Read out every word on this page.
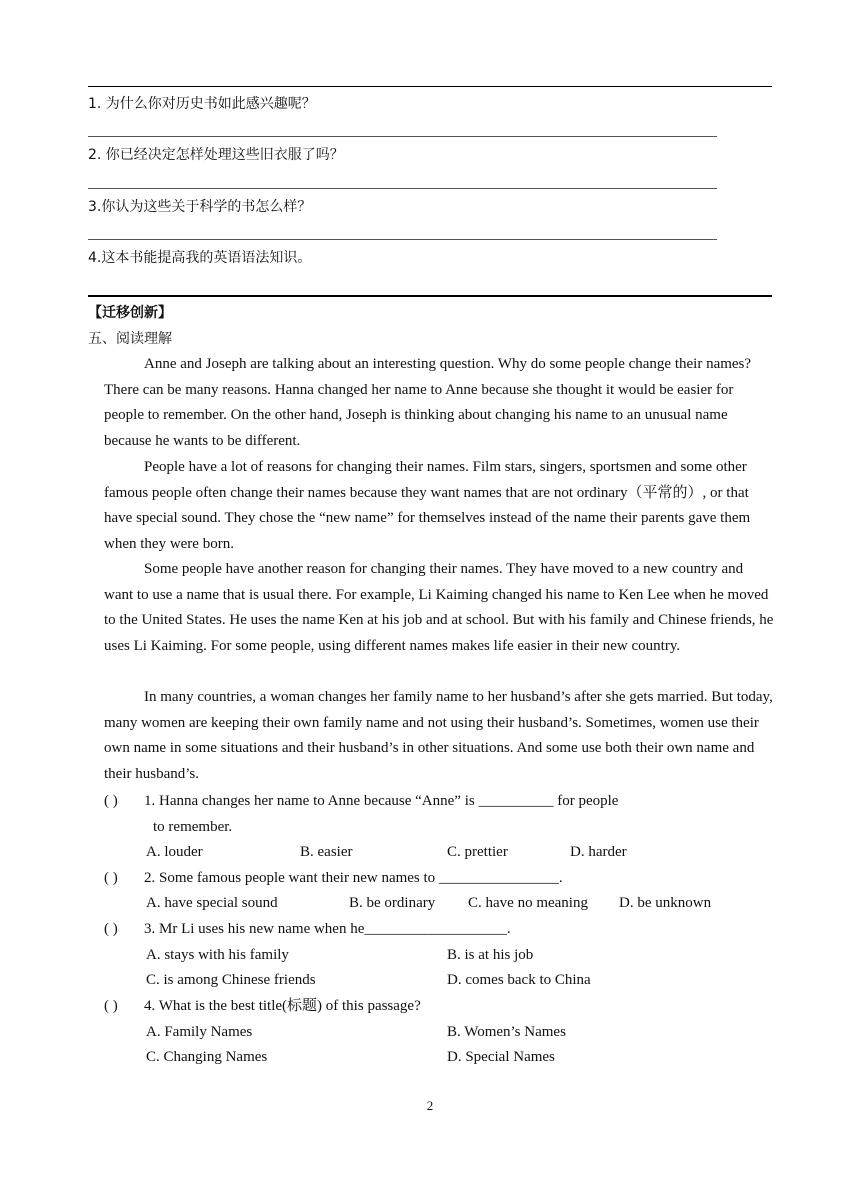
1. 为什么你对历史书如此感兴趣呢？
2. 你已经决定怎样处理这些旧衣服了吗？
3.你认为这些关于科学的书怎么样？
4.这本书能提高我的英语语法知识。
【迁移创新】
五、阅读理解
Anne and Joseph are talking about an interesting question. Why do some people change their names? There can be many reasons. Hanna changed her name to Anne because she thought it would be easier for people to remember. On the other hand, Joseph is thinking about changing his name to an unusual name because he wants to be different.
People have a lot of reasons for changing their names. Film stars, singers, sportsmen and some other famous people often change their names because they want names that are not ordinary（平常的）, or that have special sound. They chose the “new name” for themselves instead of the name their parents gave them when they were born.
Some people have another reason for changing their names. They have moved to a new country and want to use a name that is usual there. For example, Li Kaiming changed his name to Ken Lee when he moved to the United States. He uses the name Ken at his job and at school. But with his family and Chinese friends, he uses Li Kaiming. For some people, using different names makes life easier in their new country.
In many countries, a woman changes her family name to her husband’s after she gets married. But today, many women are keeping their own family name and not using their husband’s. Sometimes, women use their own name in some situations and their husband’s in other situations. And some use both their own name and their husband’s.
( ) 1. Hanna changes her name to Anne because “Anne” is __________ for people
to remember.
A. louder	B. easier	C. prettier	D. harder
( ) 2. Some famous people want their new names to ________________.
A. have special sound	B. be ordinary C. have no meaning D. be unknown
( ) 3. Mr Li uses his new name when he___________________.
A. stays with his family	B. is at his job
C. is among Chinese friends	D. comes back to China
( ) 4. What is the best title(标题) of this passage?
A. Family Names	B. Women’s Names
C. Changing Names	D. Special Names
2
